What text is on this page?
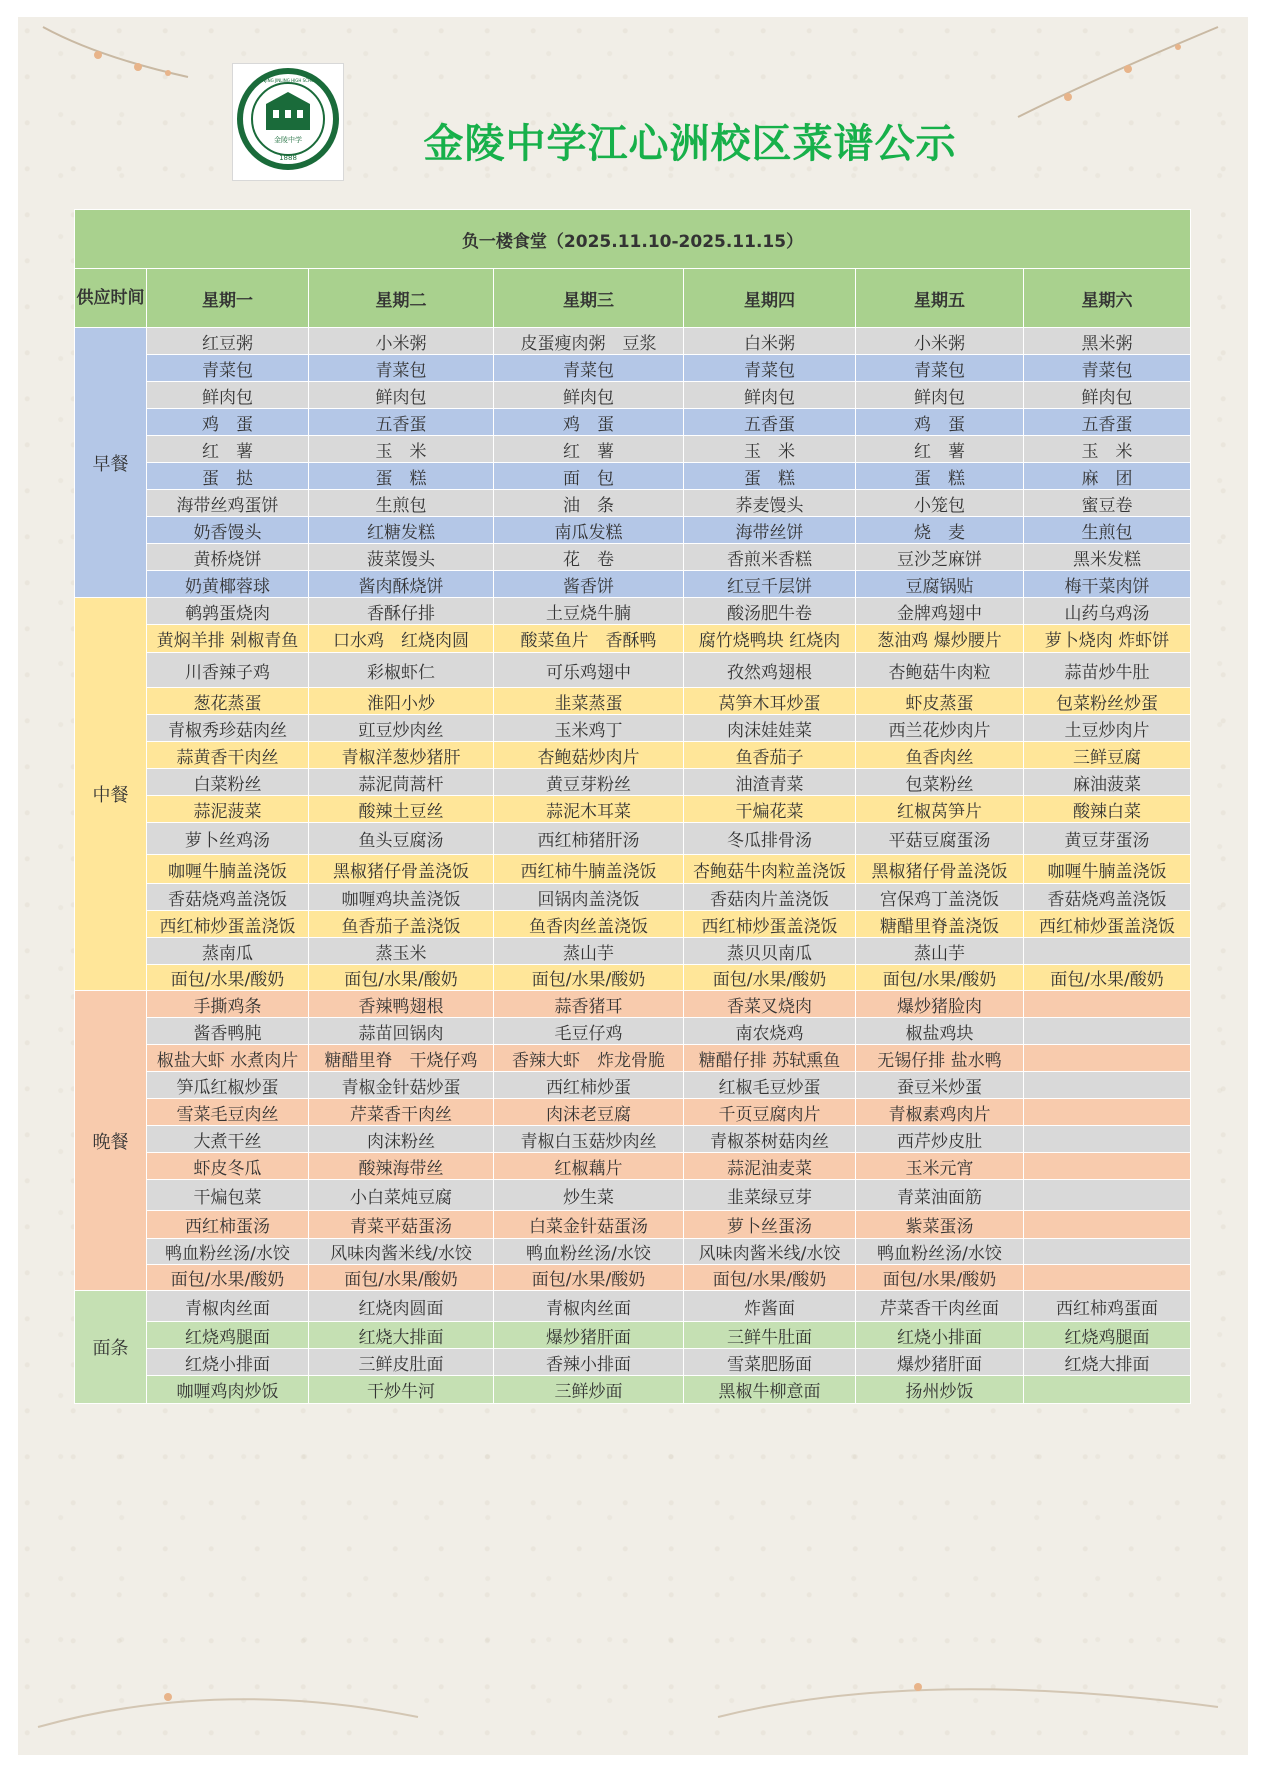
金陵中学
1888
NANJING JINLING HIGH SCHOOL
金陵中学江心洲校区菜谱公示
负一楼食堂（2025.11.10-2025.11.15）						
供应时间	星期一	星期二	星期三	星期四	星期五	星期六
早餐	红豆粥	小米粥	皮蛋瘦肉粥　豆浆	白米粥	小米粥	黑米粥
	青菜包	青菜包	青菜包	青菜包	青菜包	青菜包
	鲜肉包	鲜肉包	鲜肉包	鲜肉包	鲜肉包	鲜肉包
	鸡　蛋	五香蛋	鸡　蛋	五香蛋	鸡　蛋	五香蛋
	红　薯	玉　米	红　薯	玉　米	红　薯	玉　米
	蛋　挞	蛋　糕	面　包	蛋　糕	蛋　糕	麻　团
	海带丝鸡蛋饼	生煎包	油　条	荞麦馒头	小笼包	蜜豆卷
	奶香馒头	红糖发糕	南瓜发糕	海带丝饼	烧　麦	生煎包
	黄桥烧饼	菠菜馒头	花　卷	香煎米香糕	豆沙芝麻饼	黑米发糕
	奶黄椰蓉球	酱肉酥烧饼	酱香饼	红豆千层饼	豆腐锅贴	梅干菜肉饼
中餐	鹌鹑蛋烧肉	香酥仔排	土豆烧牛腩	酸汤肥牛卷	金牌鸡翅中	山药乌鸡汤
	黄焖羊排 剁椒青鱼	口水鸡　红烧肉圆	酸菜鱼片　香酥鸭	腐竹烧鸭块 红烧肉	葱油鸡 爆炒腰片	萝卜烧肉 炸虾饼
	川香辣子鸡	彩椒虾仁	可乐鸡翅中	孜然鸡翅根	杏鲍菇牛肉粒	蒜苗炒牛肚
	葱花蒸蛋	淮阳小炒	韭菜蒸蛋	莴笋木耳炒蛋	虾皮蒸蛋	包菜粉丝炒蛋
	青椒秀珍菇肉丝	豇豆炒肉丝	玉米鸡丁	肉沫娃娃菜	西兰花炒肉片	土豆炒肉片
	蒜黄香干肉丝	青椒洋葱炒猪肝	杏鲍菇炒肉片	鱼香茄子	鱼香肉丝	三鲜豆腐
	白菜粉丝	蒜泥茼蒿杆	黄豆芽粉丝	油渣青菜	包菜粉丝	麻油菠菜
	蒜泥菠菜	酸辣土豆丝	蒜泥木耳菜	干煸花菜	红椒莴笋片	酸辣白菜
	萝卜丝鸡汤	鱼头豆腐汤	西红柿猪肝汤	冬瓜排骨汤	平菇豆腐蛋汤	黄豆芽蛋汤
	咖喱牛腩盖浇饭	黑椒猪仔骨盖浇饭	西红柿牛腩盖浇饭	杏鲍菇牛肉粒盖浇饭	黑椒猪仔骨盖浇饭	咖喱牛腩盖浇饭
	香菇烧鸡盖浇饭	咖喱鸡块盖浇饭	回锅肉盖浇饭	香菇肉片盖浇饭	宫保鸡丁盖浇饭	香菇烧鸡盖浇饭
	西红柿炒蛋盖浇饭	鱼香茄子盖浇饭	鱼香肉丝盖浇饭	西红柿炒蛋盖浇饭	糖醋里脊盖浇饭	西红柿炒蛋盖浇饭
	蒸南瓜	蒸玉米	蒸山芋	蒸贝贝南瓜	蒸山芋	
	面包/水果/酸奶	面包/水果/酸奶	面包/水果/酸奶	面包/水果/酸奶	面包/水果/酸奶	面包/水果/酸奶
晚餐	手撕鸡条	香辣鸭翅根	蒜香猪耳	香菜叉烧肉	爆炒猪脸肉	
	酱香鸭肫	蒜苗回锅肉	毛豆仔鸡	南农烧鸡	椒盐鸡块	
	椒盐大虾 水煮肉片	糖醋里脊　干烧仔鸡	香辣大虾　炸龙骨脆	糖醋仔排 苏轼熏鱼	无锡仔排 盐水鸭	
	笋瓜红椒炒蛋	青椒金针菇炒蛋	西红柿炒蛋	红椒毛豆炒蛋	蚕豆米炒蛋	
	雪菜毛豆肉丝	芹菜香干肉丝	肉沫老豆腐	千页豆腐肉片	青椒素鸡肉片	
	大煮干丝	肉沫粉丝	青椒白玉菇炒肉丝	青椒茶树菇肉丝	西芹炒皮肚	
	虾皮冬瓜	酸辣海带丝	红椒藕片	蒜泥油麦菜	玉米元宵	
	干煸包菜	小白菜炖豆腐	炒生菜	韭菜绿豆芽	青菜油面筋	
	西红柿蛋汤	青菜平菇蛋汤	白菜金针菇蛋汤	萝卜丝蛋汤	紫菜蛋汤	
	鸭血粉丝汤/水饺	风味肉酱米线/水饺	鸭血粉丝汤/水饺	风味肉酱米线/水饺	鸭血粉丝汤/水饺	
	面包/水果/酸奶	面包/水果/酸奶	面包/水果/酸奶	面包/水果/酸奶	面包/水果/酸奶	
面条	青椒肉丝面	红烧肉圆面	青椒肉丝面	炸酱面	芹菜香干肉丝面	西红柿鸡蛋面
	红烧鸡腿面	红烧大排面	爆炒猪肝面	三鲜牛肚面	红烧小排面	红烧鸡腿面
	红烧小排面	三鲜皮肚面	香辣小排面	雪菜肥肠面	爆炒猪肝面	红烧大排面
	咖喱鸡肉炒饭	干炒牛河	三鲜炒面	黑椒牛柳意面	扬州炒饭	
